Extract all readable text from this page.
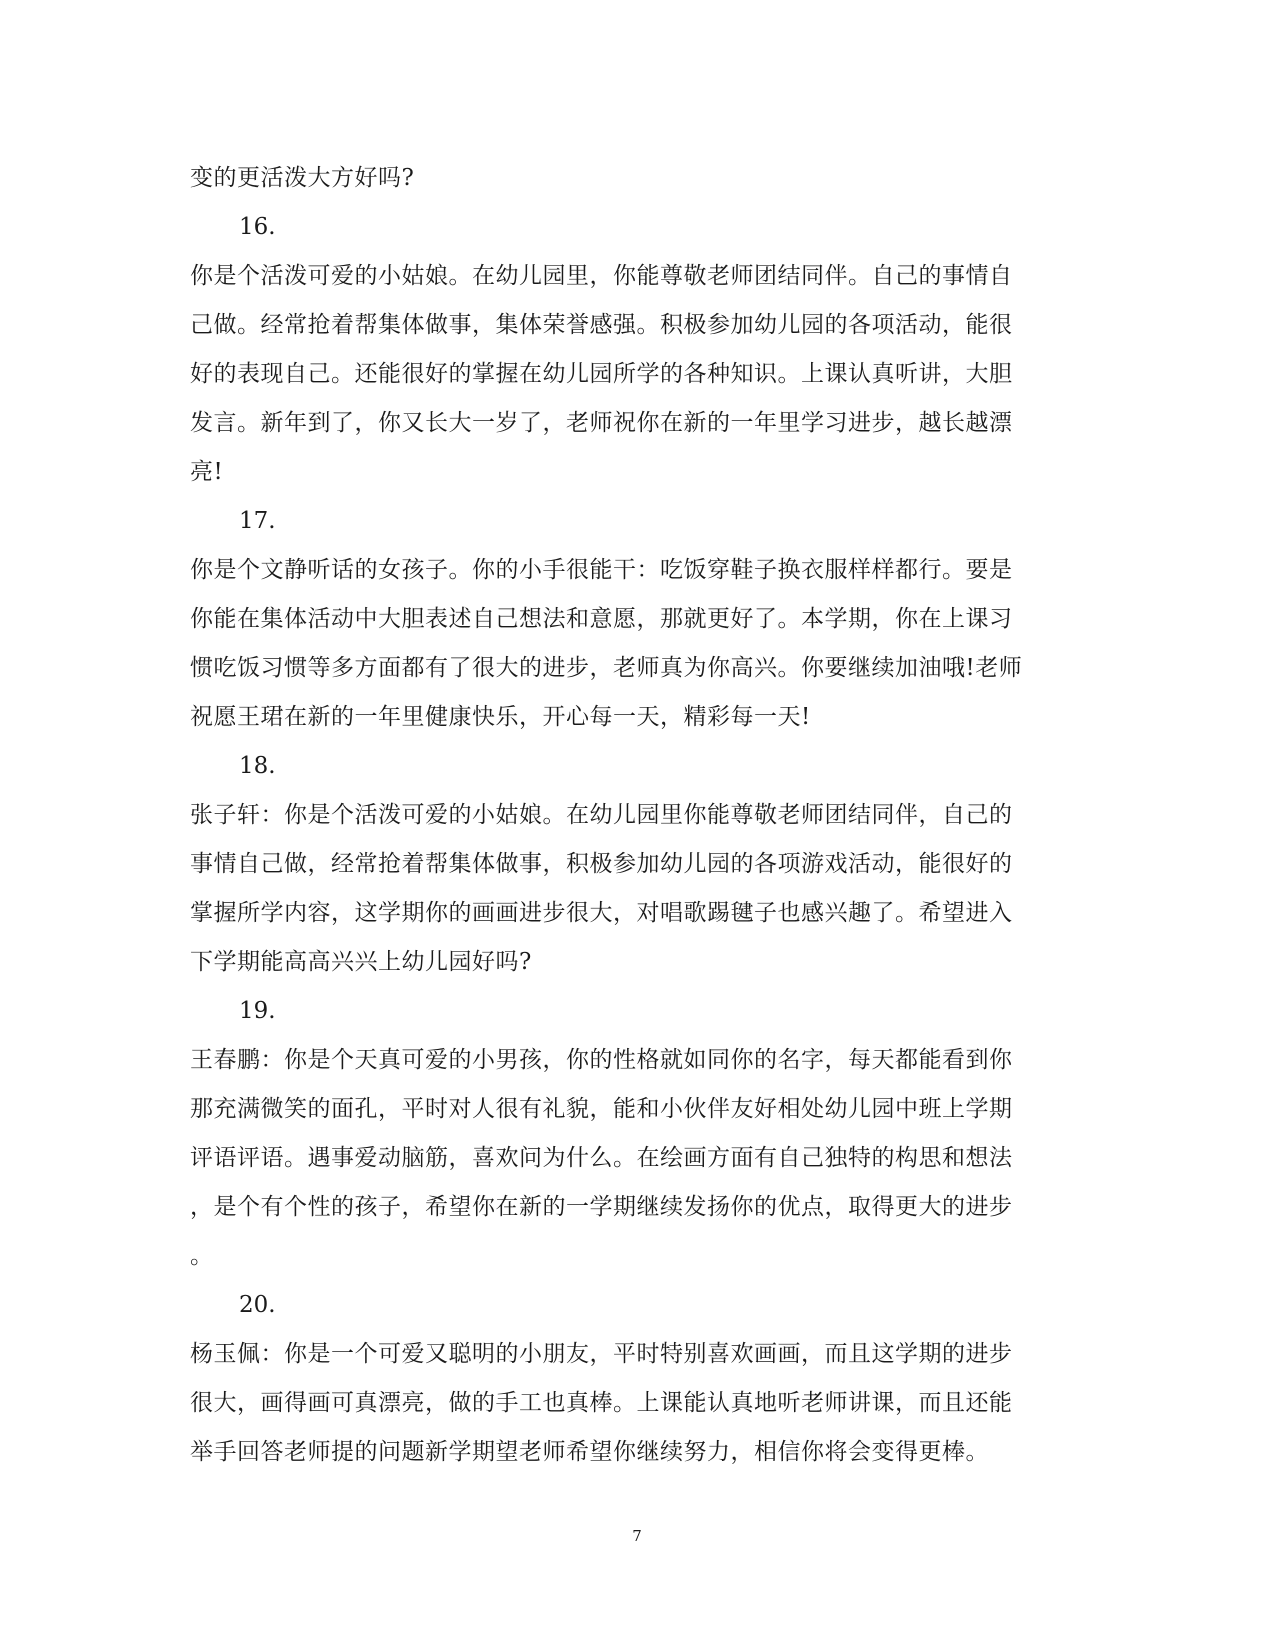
变的更活泼大方好吗?
16.
你是个活泼可爱的小姑娘。在幼儿园里，你能尊敬老师团结同伴。自己的事情自
己做。经常抢着帮集体做事，集体荣誉感强。积极参加幼儿园的各项活动，能很
好的表现自己。还能很好的掌握在幼儿园所学的各种知识。上课认真听讲，大胆
发言。新年到了，你又长大一岁了，老师祝你在新的一年里学习进步，越长越漂
亮!
17.
你是个文静听话的女孩子。你的小手很能干：吃饭穿鞋子换衣服样样都行。要是
你能在集体活动中大胆表述自己想法和意愿，那就更好了。本学期，你在上课习
惯吃饭习惯等多方面都有了很大的进步，老师真为你高兴。你要继续加油哦!老师
祝愿王珺在新的一年里健康快乐，开心每一天，精彩每一天!
18.
张子轩：你是个活泼可爱的小姑娘。在幼儿园里你能尊敬老师团结同伴，自己的
事情自己做，经常抢着帮集体做事，积极参加幼儿园的各项游戏活动，能很好的
掌握所学内容，这学期你的画画进步很大，对唱歌踢毽子也感兴趣了。希望进入
下学期能高高兴兴上幼儿园好吗?
19.
王春鹏：你是个天真可爱的小男孩，你的性格就如同你的名字，每天都能看到你
那充满微笑的面孔，平时对人很有礼貌，能和小伙伴友好相处幼儿园中班上学期
评语评语。遇事爱动脑筋，喜欢问为什么。在绘画方面有自己独特的构思和想法
，是个有个性的孩子，希望你在新的一学期继续发扬你的优点，取得更大的进步
。
20.
杨玉佩：你是一个可爱又聪明的小朋友，平时特别喜欢画画，而且这学期的进步
很大，画得画可真漂亮，做的手工也真棒。上课能认真地听老师讲课，而且还能
举手回答老师提的问题新学期望老师希望你继续努力，相信你将会变得更棒。
7
